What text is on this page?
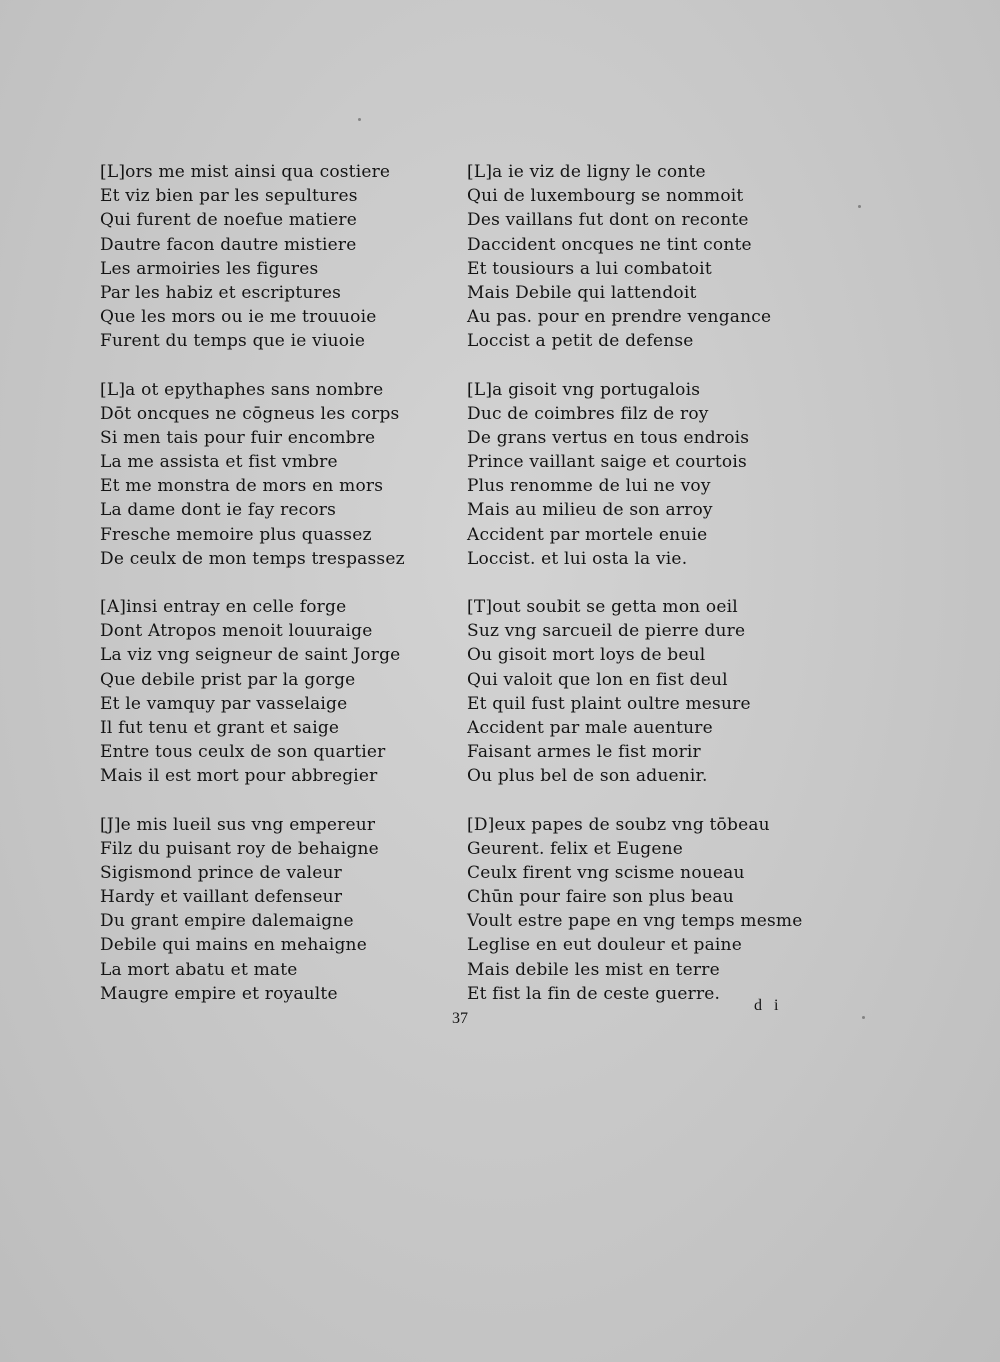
[L]ors me mist ainsi qua costiere
Et viz bien par les sepultures
Qui furent de noefue matiere
Dautre facon dautre mistiere
Les armoiries les figures
Par les habiz et escriptures
Que les mors ou ie me trouuoie
Furent du temps que ie viuoie
[L]a ot epythaphes sans nombre
Dōt oncques ne cōgneus les corps
Si men tais pour fuir encombre
La me assista et fist vmbre
Et me monstra de mors en mors
La dame dont ie fay recors
Fresche memoire plus quassez
De ceulx de mon temps trespassez
[A]insi entray en celle forge
Dont Atropos menoit louuraige
La viz vng seigneur de saint Jorge
Que debile prist par la gorge
Et le vamquy par vasselaige
Il fut tenu et grant et saige
Entre tous ceulx de son quartier
Mais il est mort pour abbregier
[J]e mis lueil sus vng empereur
Filz du puisant roy de behaigne
Sigismond prince de valeur
Hardy et vaillant defenseur
Du grant empire dalemaigne
Debile qui mains en mehaigne
La mort abatu et mate
Maugre empire et royaulte
[L]a ie viz de ligny le conte
Qui de luxembourg se nommoit
Des vaillans fut dont on reconte
Daccident oncques ne tint conte
Et tousiours a lui combatoit
Mais Debile qui lattendoit
Au pas. pour en prendre vengance
Loccist a petit de defense
[L]a gisoit vng portugalois
Duc de coimbres filz de roy
De grans vertus en tous endrois
Prince vaillant saige et courtois
Plus renomme de lui ne voy
Mais au milieu de son arroy
Accident par mortele enuie
Loccist. et lui osta la vie.
[T]out soubit se getta mon oeil
Suz vng sarcueil de pierre dure
Ou gisoit mort loys de beul
Qui valoit que lon en fist deul
Et quil fust plaint oultre mesure
Accident par male auenture
Faisant armes le fist morir
Ou plus bel de son aduenir.
[D]eux papes de soubz vng tōbeau
Geurent. felix et Eugene
Ceulx firent vng scisme noueau
Chūn pour faire son plus beau
Voult estre pape en vng temps mesme
Leglise en eut douleur et paine
Mais debile les mist en terre
Et fist la fin de ceste guerre.
37
d i
